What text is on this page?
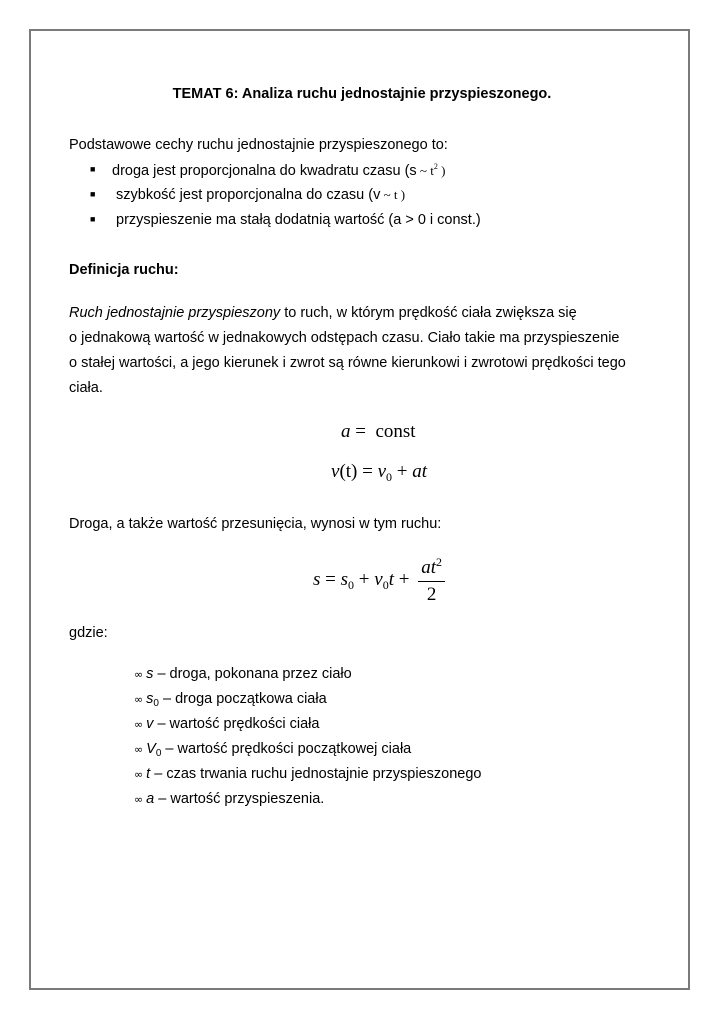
TEMAT 6: Analiza ruchu jednostajnie przyspieszonego.
Podstawowe cechy ruchu jednostajnie przyspieszonego to:
■ droga jest proporcjonalna do kwadratu czasu (s ~ $t^2$ )
■ szybkość jest proporcjonalna do czasu (v ~ t )
■ przyspieszenie ma stałą dodatnią wartość (a > 0 i const.)
Definicja ruchu:
Ruch jednostajnie przyspieszony to ruch, w którym prędkość ciała zwiększa się
o jednakową wartość w jednakowych odstępach czasu. Ciało takie ma przyspieszenie
o stałej wartości, a jego kierunek i zwrot są równe kierunkowi i zwrotowi prędkości tego
ciała.
a =  const
$v(t) = v_0$ + at
Droga, a także wartość przesunięcia, wynosi w tym ruchu:
$s = s_0 + v_0t + \frac{at^2}{2}$
gdzie:
∞ s – droga, pokonana przez ciało
∞ $s_0$ – droga początkowa ciała
∞ v – wartość prędkości ciała
∞ $V_0$ – wartość prędkości początkowej ciała
∞ t – czas trwania ruchu jednostajnie przyspieszonego
∞ a – wartość przyspieszenia.
